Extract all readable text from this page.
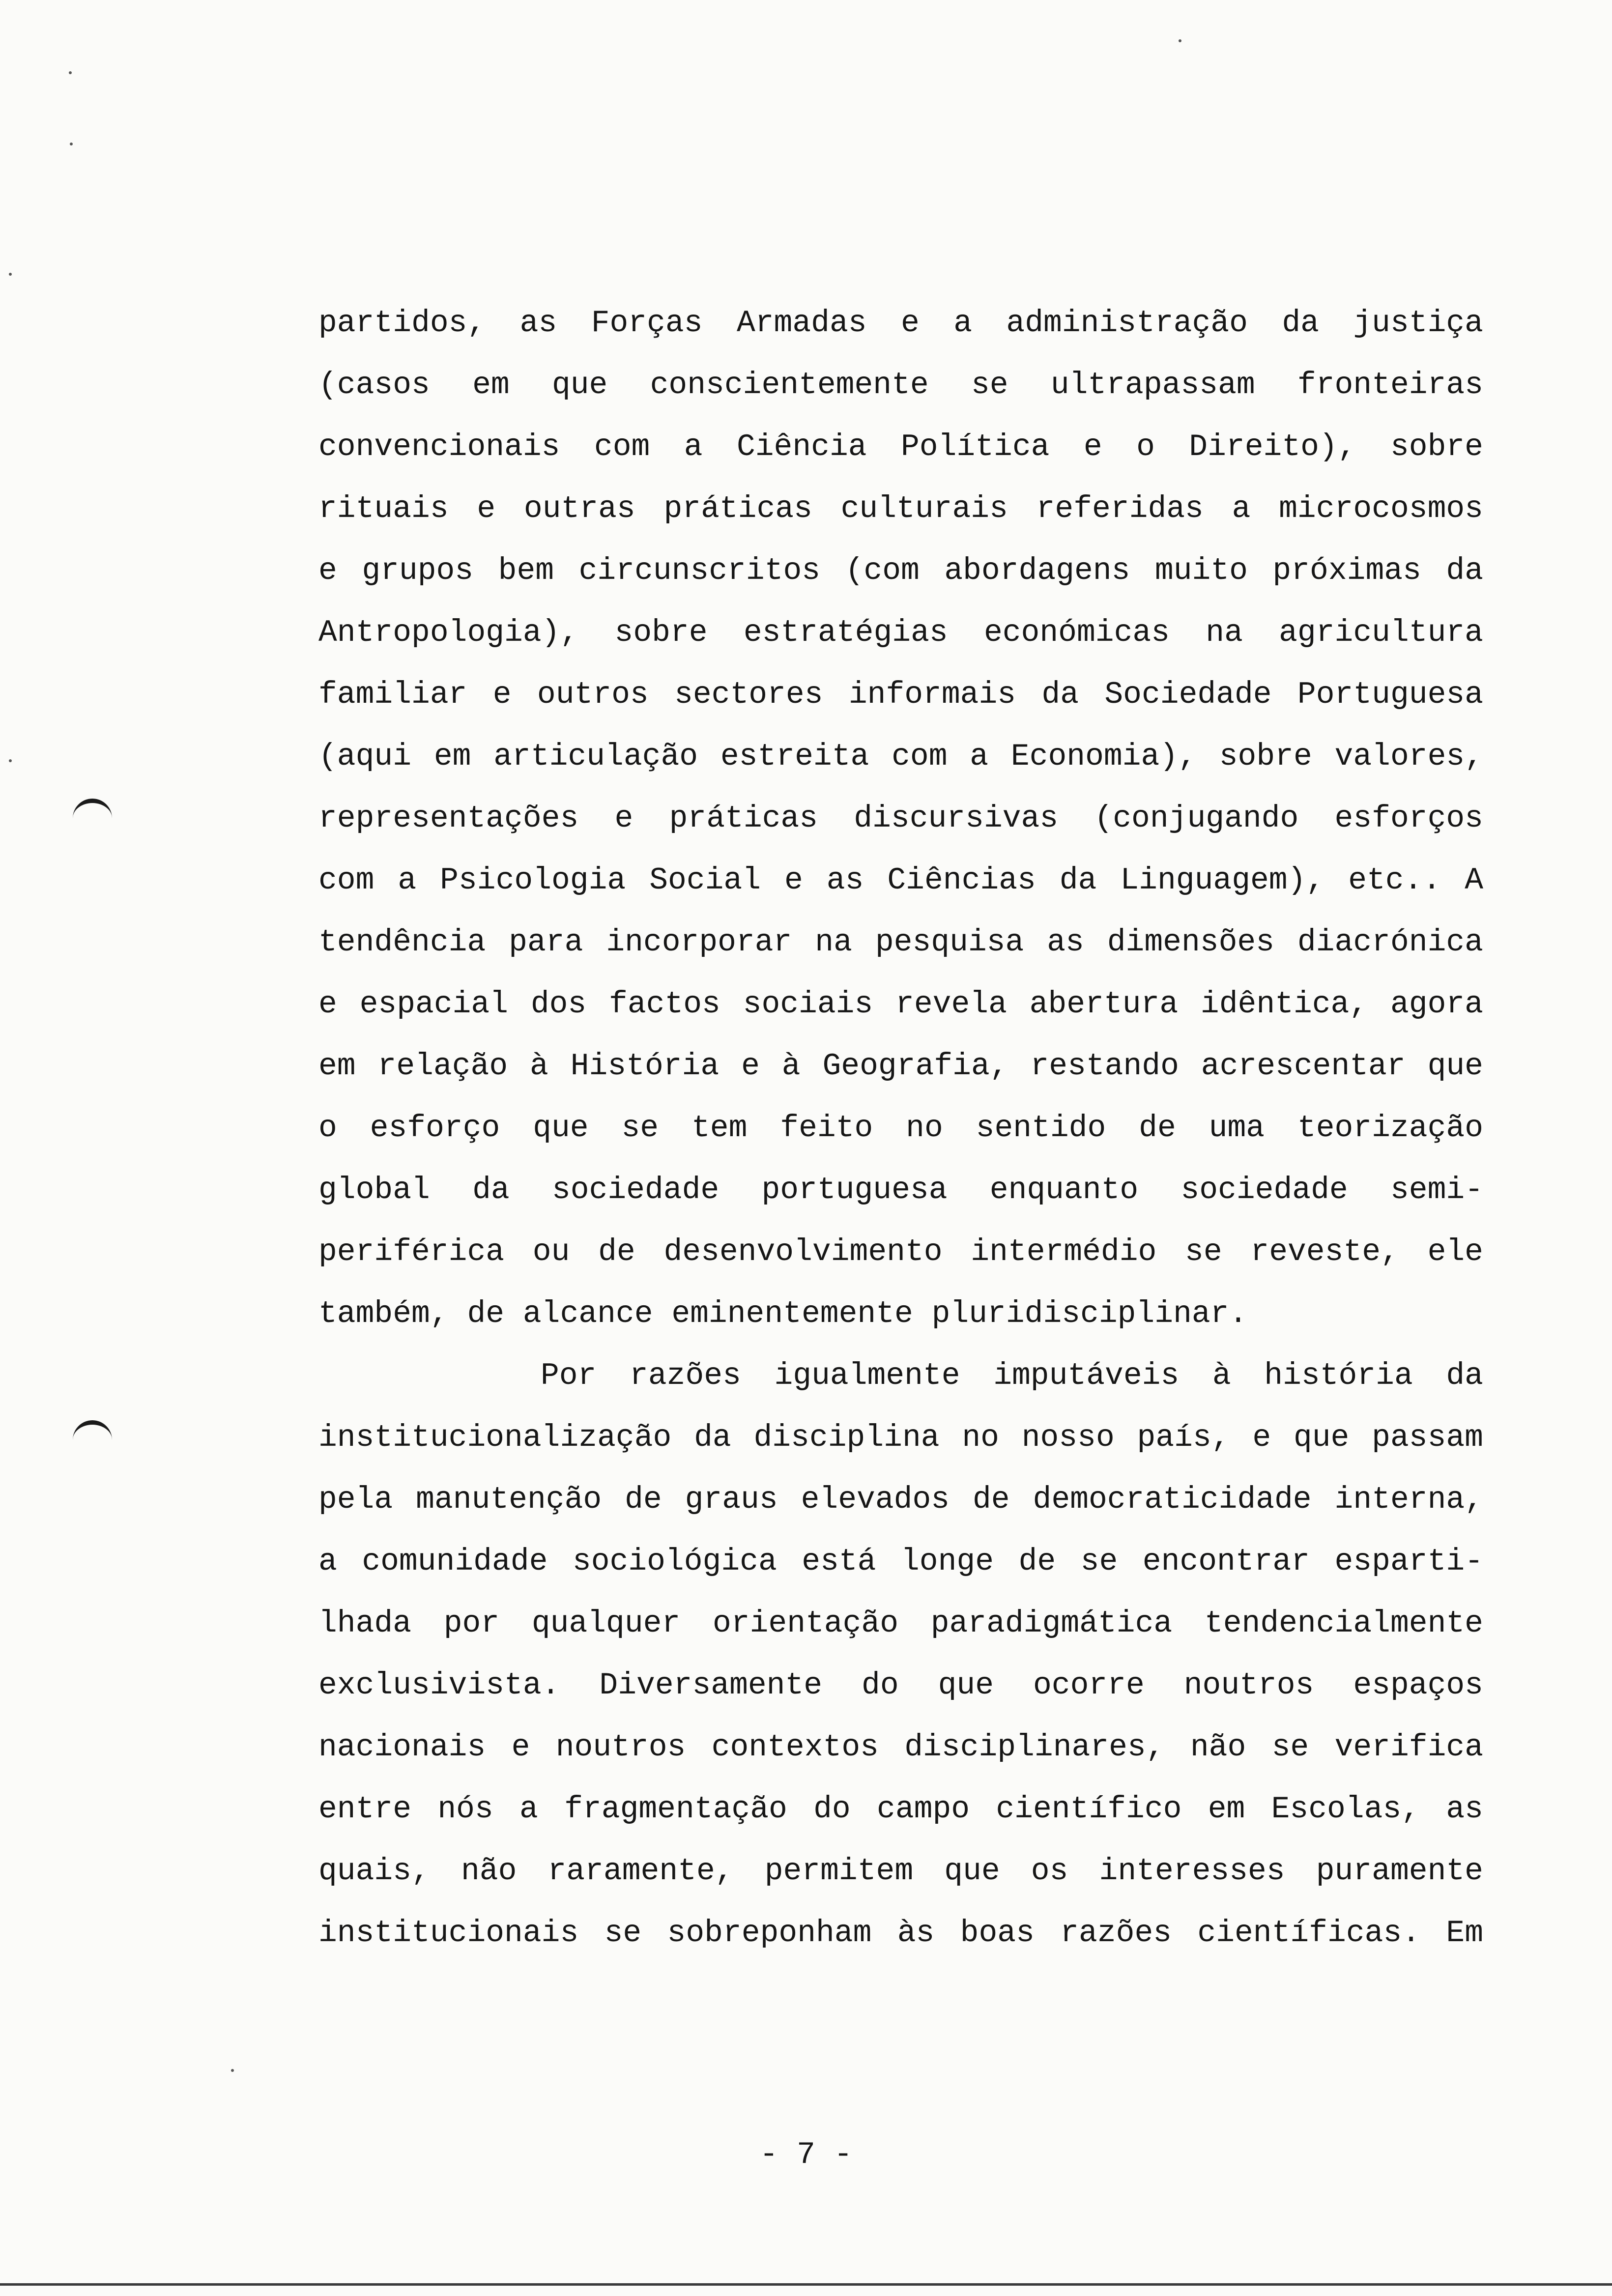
partidos, as Forças Armadas e a administração da justiça
(casos em que conscientemente se ultrapassam fronteiras
convencionais com a Ciência Política e o Direito), sobre
rituais e outras práticas culturais referidas a microcosmos
e grupos bem circunscritos (com abordagens muito próximas da
Antropologia), sobre estratégias económicas na agricultura
familiar e outros sectores informais da Sociedade Portuguesa
(aqui em articulação estreita com a Economia), sobre valores,
representações e práticas discursivas (conjugando esforços
com a Psicologia Social e as Ciências da Linguagem), etc.. A
tendência para incorporar na pesquisa as dimensões diacrónica
e espacial dos factos sociais revela abertura idêntica, agora
em relação à História e à Geografia, restando acrescentar que
o esforço que se tem feito no sentido de uma teorização
global da sociedade portuguesa enquanto sociedade semi-
periférica ou de desenvolvimento intermédio se reveste, ele
também, de alcance eminentemente pluridisciplinar.
Por razões igualmente imputáveis à história da
institucionalização da disciplina no nosso país, e que passam
pela manutenção de graus elevados de democraticidade interna,
a comunidade sociológica está longe de se encontrar esparti-
lhada por qualquer orientação paradigmática tendencialmente
exclusivista. Diversamente do que ocorre noutros espaços
nacionais e noutros contextos disciplinares, não se verifica
entre nós a fragmentação do campo científico em Escolas, as
quais, não raramente, permitem que os interesses puramente
institucionais se sobreponham às boas razões científicas. Em
- 7 -
